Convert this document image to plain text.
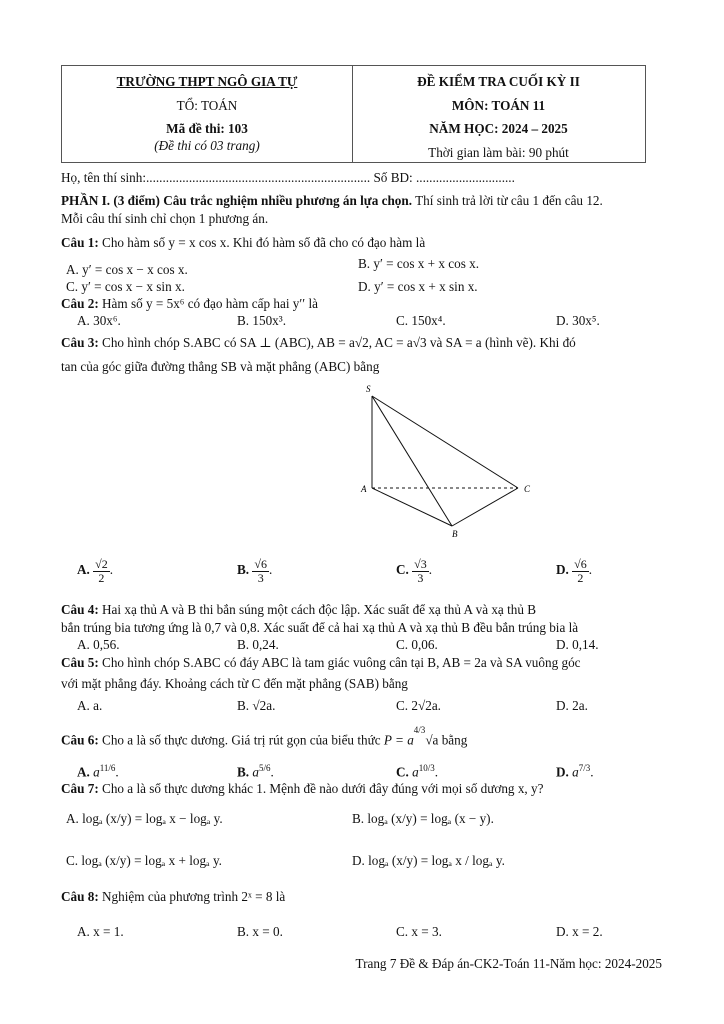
TRƯỜNG THPT NGÔ GIA TỰ
TỔ: TOÁN
Mã đề thi: 103
(Đề thi có 03 trang)
ĐỀ KIỂM TRA CUỐI KỲ II
MÔN: TOÁN 11
NĂM HỌC: 2024 – 2025
Thời gian làm bài: 90 phút
Họ, tên thí sinh:.................................................................... Số BD: ..............................
PHẦN I. (3 điểm) Câu trắc nghiệm nhiều phương án lựa chọn. Thí sinh trả lời từ câu 1 đến câu 12.
Mỗi câu thí sinh chỉ chọn 1 phương án.
Câu 1: Cho hàm số y = x cos x. Khi đó hàm số đã cho có đạo hàm là
A. y′ = cos x − x cos x.	B. y′ = cos x + x cos x.
C. y′ = cos x − x sin x.	D. y′ = cos x + x sin x.
Câu 2: Hàm số y = 5x⁶ có đạo hàm cấp hai y′′ là
A. 30x⁶.	B. 150x³.	C. 150x⁴.	D. 30x⁵.
Câu 3: Cho hình chóp S.ABC có SA ⊥ (ABC), AB = a√2, AC = a√3 và SA = a (hình vẽ). Khi đó
tan của góc giữa đường thẳng SB và mặt phẳng (ABC) bằng
S
A
B
C
A. $\frac{√2}{2}$ .	B. $\frac{√6}{3}$ .	C. $\frac{√3}{3}$ .	D. $\frac{√6}{2}$ .
Câu 4: Hai xạ thủ A và B thi bắn súng một cách độc lập. Xác suất để xạ thủ A và xạ thủ B
bắn trúng bia tương ứng là 0,7 và 0,8. Xác suất để cả hai xạ thủ A và xạ thủ B đều bắn trúng bia là
A. 0,56.	B. 0,24.	C. 0,06.	D. 0,14.
Câu 5: Cho hình chóp S.ABC có đáy ABC là tam giác vuông cân tại B, AB = 2a và SA vuông góc
với mặt phẳng đáy. Khoảng cách từ C đến mặt phẳng (SAB) bằng
A. a.	B. √2a.	C. 2√2a.	D. 2a.
Câu 6: Cho a là số thực dương. Giá trị rút gọn của biểu thức $P = a^{4/3}√a$ bằng
A. $a^{11/6}$.	B. $a^{5/6}$.	C. $a^{10/3}$.	D. $a^{7/3}$.
Câu 7: Cho a là số thực dương khác 1. Mệnh đề nào dưới đây đúng với mọi số dương x, y?
A. logₐ (x/y) = logₐ x − logₐ y.	B. logₐ (x/y) = logₐ (x − y).
C. logₐ (x/y) = logₐ x + logₐ y.	D. logₐ (x/y) = logₐ x / logₐ y.
Câu 8: Nghiệm của phương trình 2ˣ = 8 là
A. x = 1.	B. x = 0.	C. x = 3.	D. x = 2.
Trang 7 Đề & Đáp án-CK2-Toán 11-Năm học: 2024-2025
